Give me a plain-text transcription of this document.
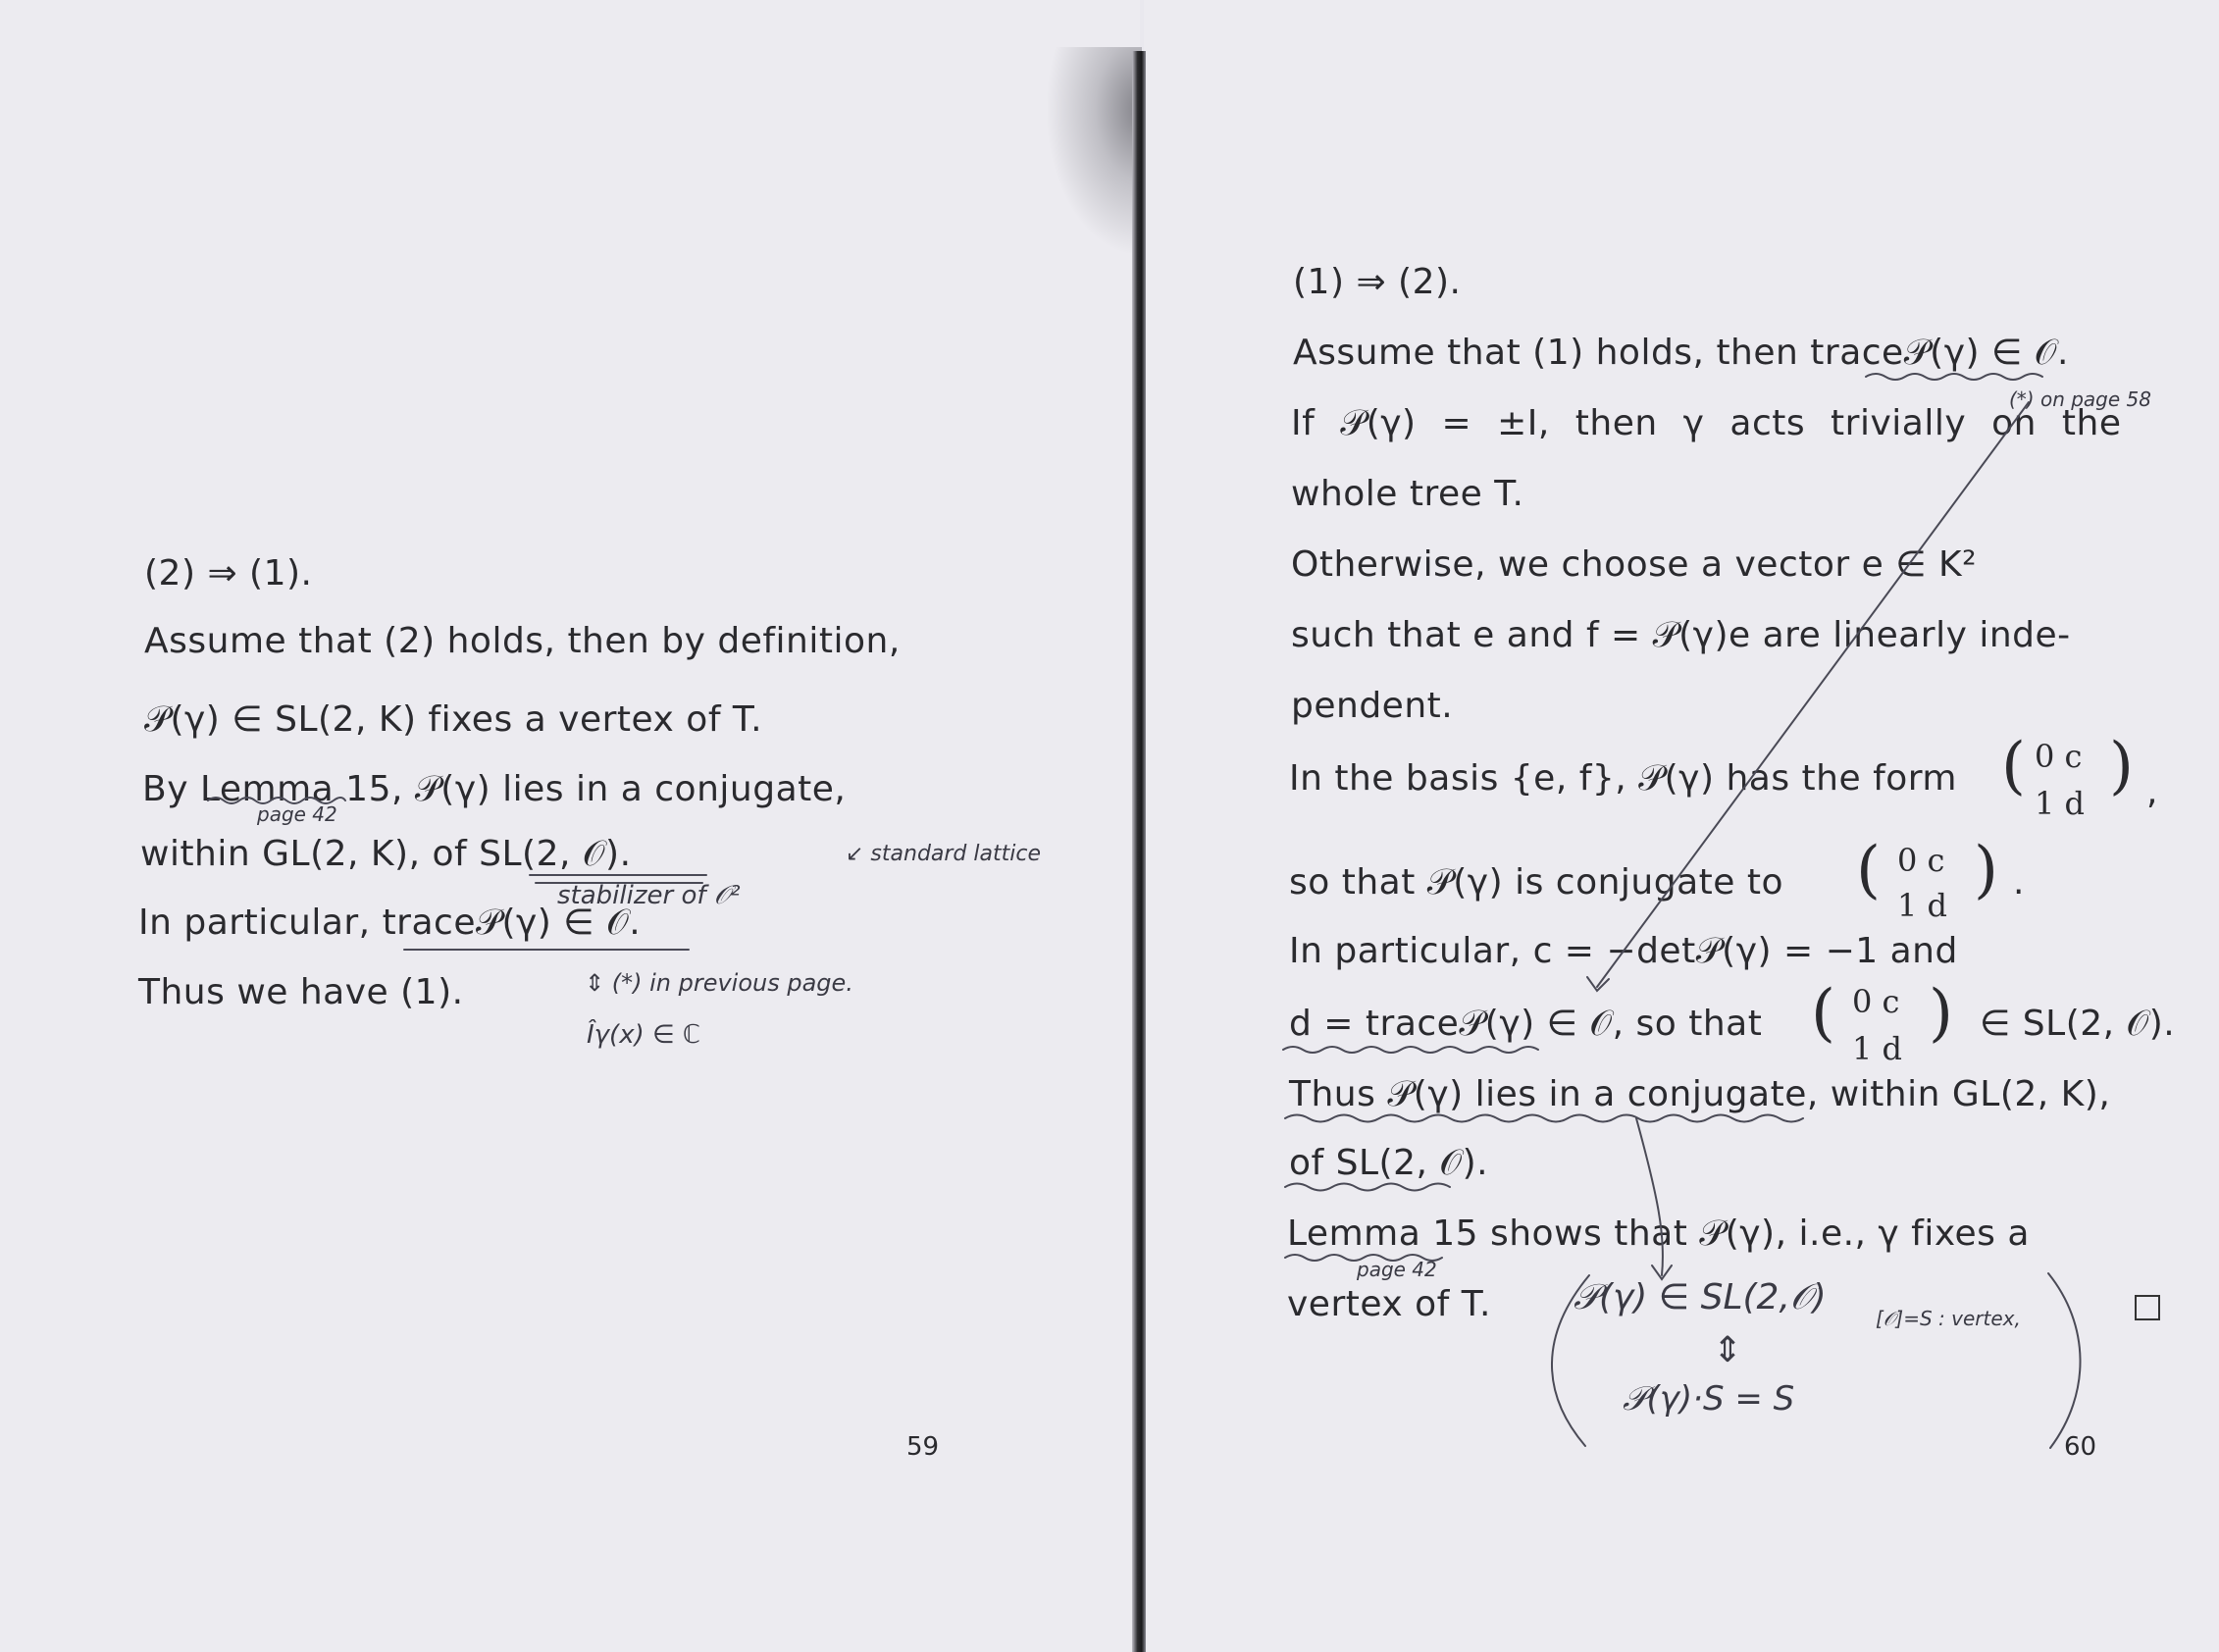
(2) ⇒ (1).
Assume that (2) holds, then by definition,
𝒫(γ) ∈ SL(2, K) fixes a vertex of T.
By Lemma 15, 𝒫(γ) lies in a conjugate,
within GL(2, K), of SL(2, 𝒪).
In particular, trace𝒫(γ) ∈ 𝒪.
Thus we have (1).
59
page 42
↙ standard lattice
stabilizer of 𝒪²
⇕ (*) in previous page.
Îγ(x) ∈ ℂ
(1) ⇒ (2).
Assume that (1) holds, then trace𝒫(γ) ∈ 𝒪.
If 𝒫(γ) = ±I, then γ acts trivially on the
whole tree T.
Otherwise, we choose a vector e ∈ K²
such that e and f = 𝒫(γ)e are linearly inde-
pendent.
In the basis {e, f}, 𝒫(γ) has the form ( 0 c
1 d
) ,
so that 𝒫(γ) is conjugate to ( 0 c
1 d ) .
In particular, c = −det𝒫(γ) = −1 and
d = trace𝒫(γ) ∈ 𝒪, so that ( 0 c
1 d ) ∈ SL(2, 𝒪).
Thus 𝒫(γ) lies in a conjugate, within GL(2, K),
of SL(2, 𝒪).
Lemma 15 shows that 𝒫(γ), i.e., γ fixes a
vertex of T.
60
(*) on page 58
page 42
𝒫(γ) ∈ SL(2,𝒪)
[𝒪]=S : vertex,
⇕
𝒫(γ)·S = S
